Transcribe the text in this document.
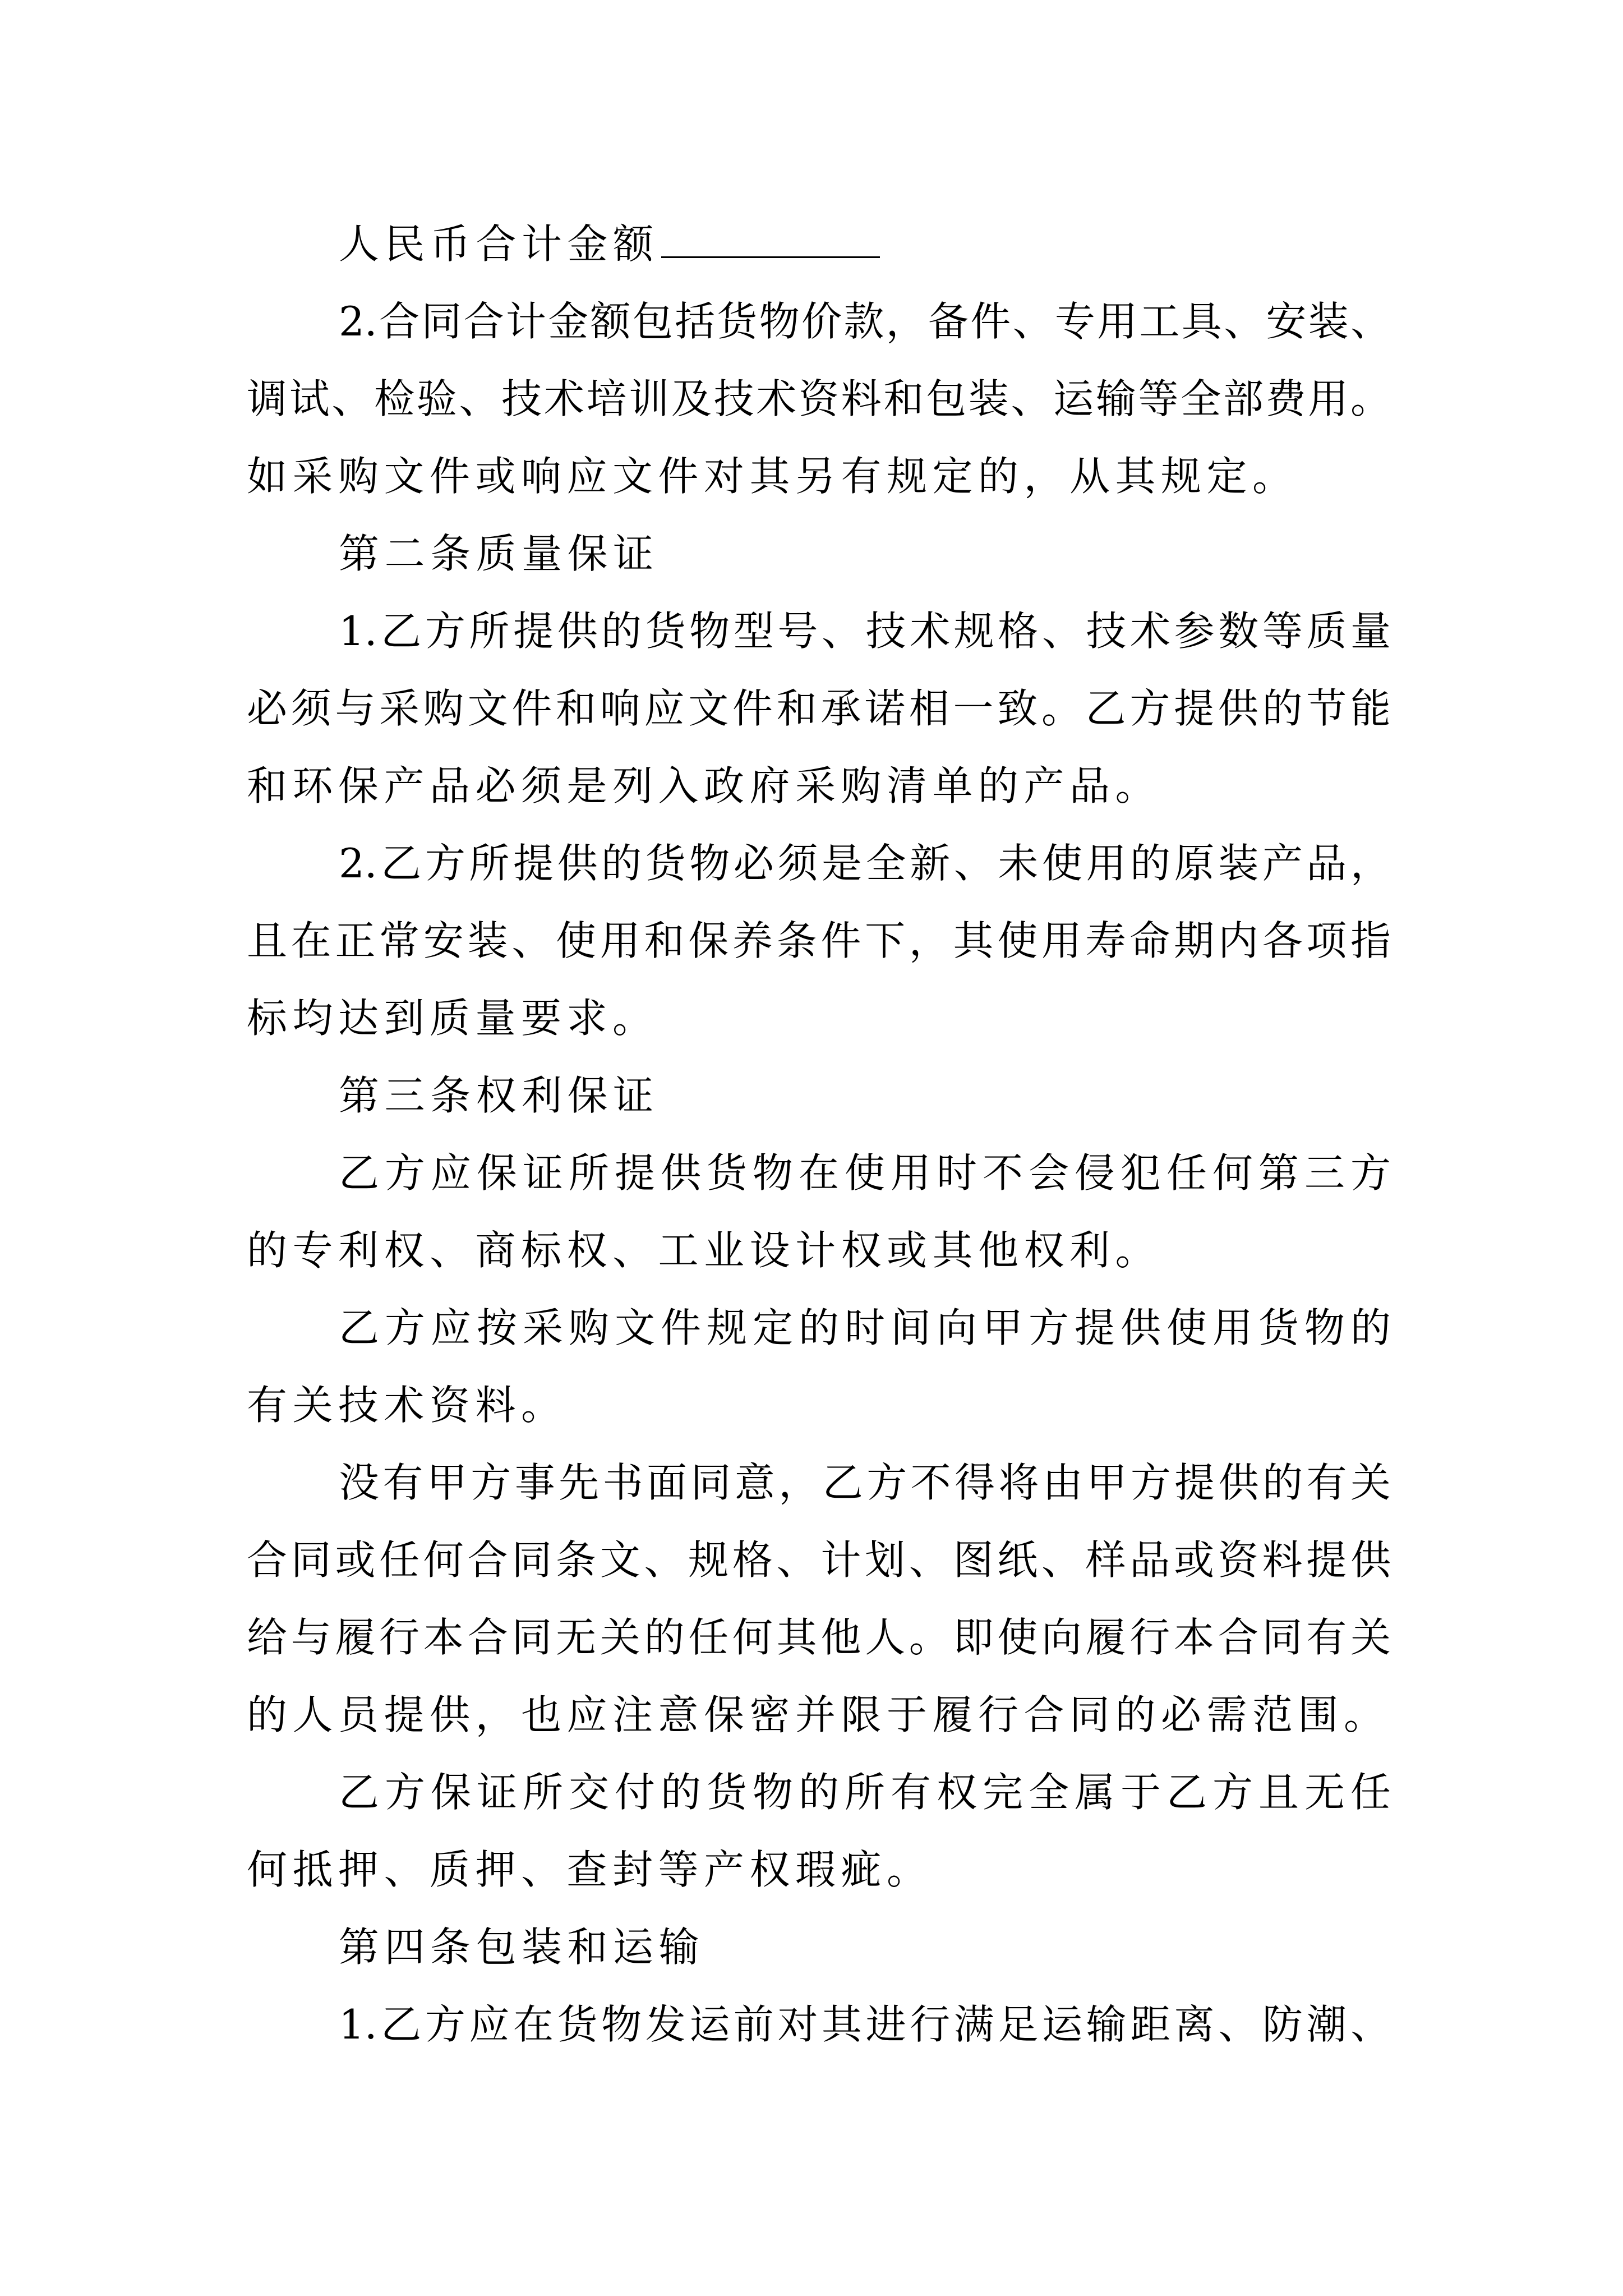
人民币合计金额
2.合同合计金额包括货物价款，备件、专用工具、安装、
调试、检验、技术培训及技术资料和包装、运输等全部费用。
如采购文件或响应文件对其另有规定的，从其规定。
第二条质量保证
1.乙方所提供的货物型号、技术规格、技术参数等质量
必须与采购文件和响应文件和承诺相一致。乙方提供的节能
和环保产品必须是列入政府采购清单的产品。
2.乙方所提供的货物必须是全新、未使用的原装产品，
且在正常安装、使用和保养条件下，其使用寿命期内各项指
标均达到质量要求。
第三条权利保证
乙方应保证所提供货物在使用时不会侵犯任何第三方
的专利权、商标权、工业设计权或其他权利。
乙方应按采购文件规定的时间向甲方提供使用货物的
有关技术资料。
没有甲方事先书面同意，乙方不得将由甲方提供的有关
合同或任何合同条文、规格、计划、图纸、样品或资料提供
给与履行本合同无关的任何其他人。即使向履行本合同有关
的人员提供，也应注意保密并限于履行合同的必需范围。
乙方保证所交付的货物的所有权完全属于乙方且无任
何抵押、质押、查封等产权瑕疵。
第四条包装和运输
1.乙方应在货物发运前对其进行满足运输距离、防潮、
